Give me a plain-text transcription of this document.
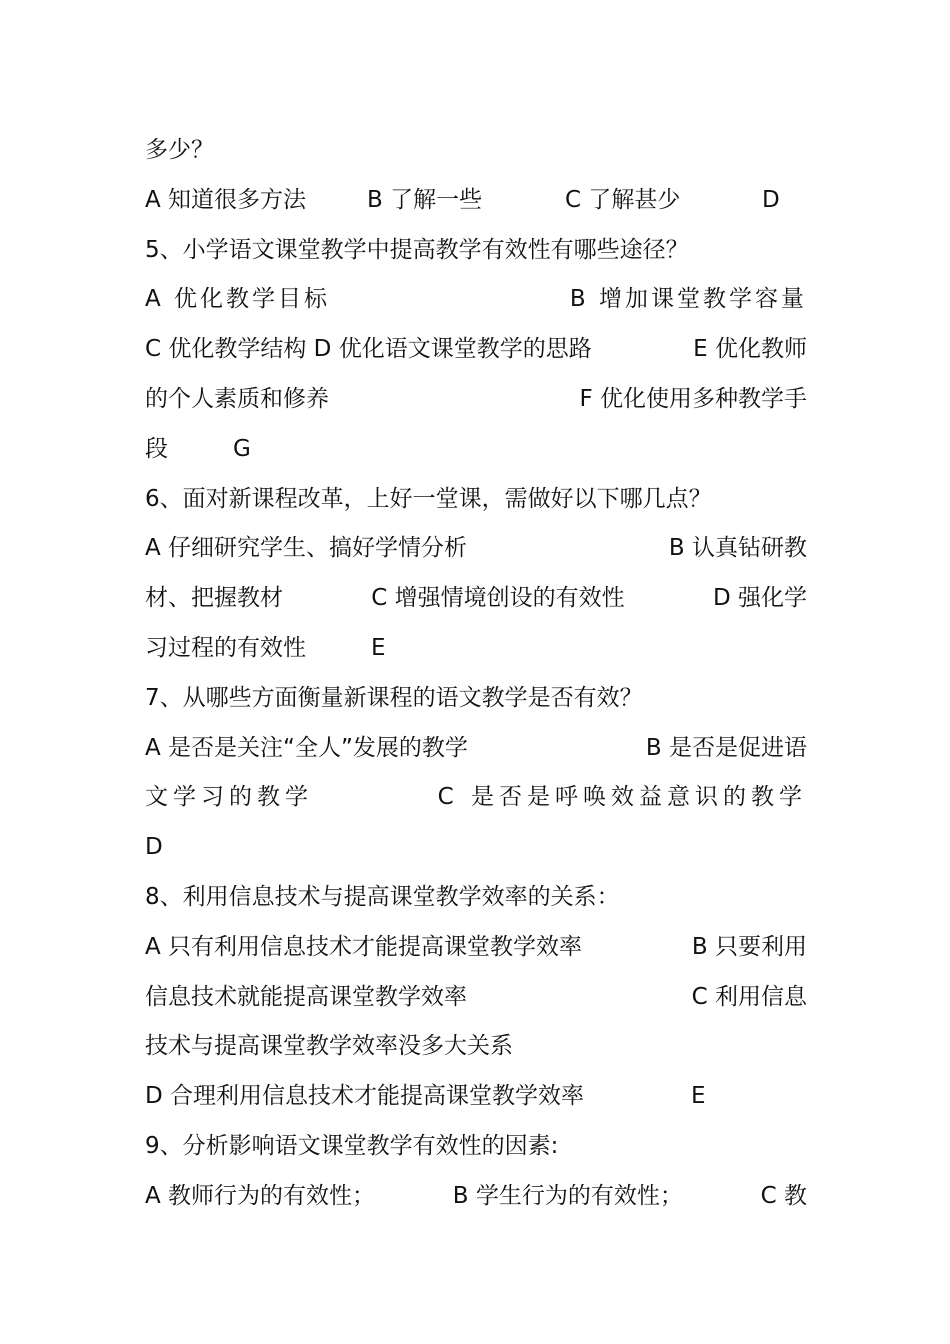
多少？
A 知道很多方法	B 了解一些	C 了解甚少	D
5、小学语文课堂教学中提高教学有效性有哪些途径？
A 优化教学目标	B 增加课堂教学容量
C 优化教学结构 D 优化语文课堂教学的思路	E 优化教师
的个人素质和修养	F 优化使用多种教学手
段	G
6、面对新课程改革，上好一堂课，需做好以下哪几点？
A 仔细研究学生、搞好学情分析	B 认真钻研教
材、把握教材	C 增强情境创设的有效性	D 强化学
习过程的有效性	E
7、从哪些方面衡量新课程的语文教学是否有效？
A 是否是关注“全人”发展的教学	B 是否是促进语
文学习的教学	C 是否是呼唤效益意识的教学
D
8、利用信息技术与提高课堂教学效率的关系：
A 只有利用信息技术才能提高课堂教学效率	B 只要利用
信息技术就能提高课堂教学效率	C 利用信息
技术与提高课堂教学效率没多大关系
D 合理利用信息技术才能提高课堂教学效率	E
9、分析影响语文课堂教学有效性的因素:
A 教师行为的有效性；	B 学生行为的有效性；	C 教
